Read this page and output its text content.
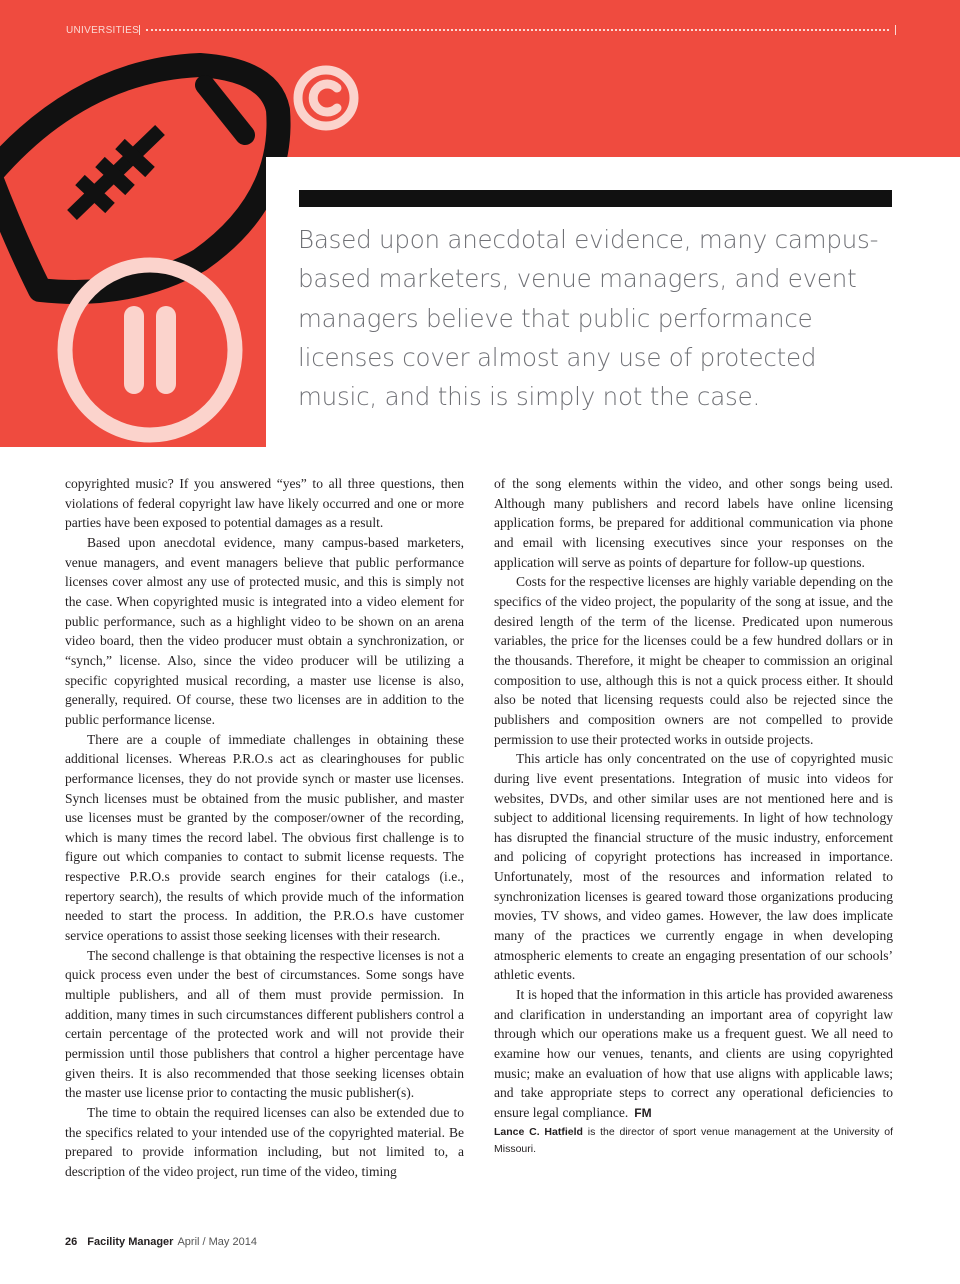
UNIVERSITIES
Based upon anecdotal evidence, many campus-based marketers, venue managers, and event managers believe that public performance licenses cover almost any use of protected music, and this is simply not the case.

copyrighted music? If you answered “yes” to all three questions, then violations of federal copyright law have likely occurred and one or more parties have been exposed to potential damages as a result.

Based upon anecdotal evidence, many campus-based marketers, venue managers, and event managers believe that public performance licenses cover almost any use of protected music, and this is simply not the case. When copyrighted music is integrated into a video element for public performance, such as a highlight video to be shown on an arena video board, then the video producer must obtain a synchronization, or “synch,” license. Also, since the video producer will be utilizing a specific copyrighted musical recording, a master use license is also, generally, required. Of course, these two licenses are in addition to the public performance license.

There are a couple of immediate challenges in obtaining these additional licenses. Whereas P.R.O.s act as clearinghouses for public performance licenses, they do not provide synch or master use licenses. Synch licenses must be obtained from the music publisher, and master use licenses must be granted by the composer/owner of the recording, which is many times the record label. The obvious first challenge is to figure out which companies to contact to submit license requests. The respective P.R.O.s provide search engines for their catalogs (i.e., repertory search), the results of which provide much of the information needed to start the process. In addition, the P.R.O.s have customer service operations to assist those seeking licenses with their research.

The second challenge is that obtaining the respective licenses is not a quick process even under the best of circumstances. Some songs have multiple publishers, and all of them must provide permission. In addition, many times in such circumstances different publishers control a certain percentage of the protected work and will not provide their permission until those publishers that control a higher percentage have given theirs. It is also recommended that those seeking licenses obtain the master use license prior to contacting the music publisher(s).

The time to obtain the required licenses can also be extended due to the specifics related to your intended use of the copyrighted material. Be prepared to provide information including, but not limited to, a description of the video project, run time of the video, timing

of the song elements within the video, and other songs being used. Although many publishers and record labels have online licensing application forms, be prepared for additional communication via phone and email with licensing executives since your responses on the application will serve as points of departure for follow-up questions.

Costs for the respective licenses are highly variable depending on the specifics of the video project, the popularity of the song at issue, and the desired length of the term of the license. Predicated upon numerous variables, the price for the licenses could be a few hundred dollars or in the thousands. Therefore, it might be cheaper to commission an original composition to use, although this is not a quick process either. It should also be noted that licensing requests could also be rejected since the publishers and composition owners are not compelled to provide permission to use their protected works in outside projects.

This article has only concentrated on the use of copyrighted music during live event presentations. Integration of music into videos for websites, DVDs, and other similar uses are not mentioned here and is subject to additional licensing requirements. In light of how technology has disrupted the financial structure of the music industry, enforcement and policing of copyright protections has increased in importance. Unfortunately, most of the resources and information related to synchronization licenses is geared toward those organizations producing movies, TV shows, and video games. However, the law does implicate many of the practices we currently engage in when developing atmospheric elements to create an engaging presentation of our schools’ athletic events.

It is hoped that the information in this article has provided awareness and clarification in understanding an important area of copyright law through which our operations make us a frequent guest. We all need to examine how our venues, tenants, and clients are using copyrighted music; make an evaluation of how that use aligns with applicable laws; and take appropriate steps to correct any operational deficiencies to ensure legal compliance. FM

Lance C. Hatfield is the director of sport venue management at the University of Missouri.

26 Facility Manager April / May 2014
